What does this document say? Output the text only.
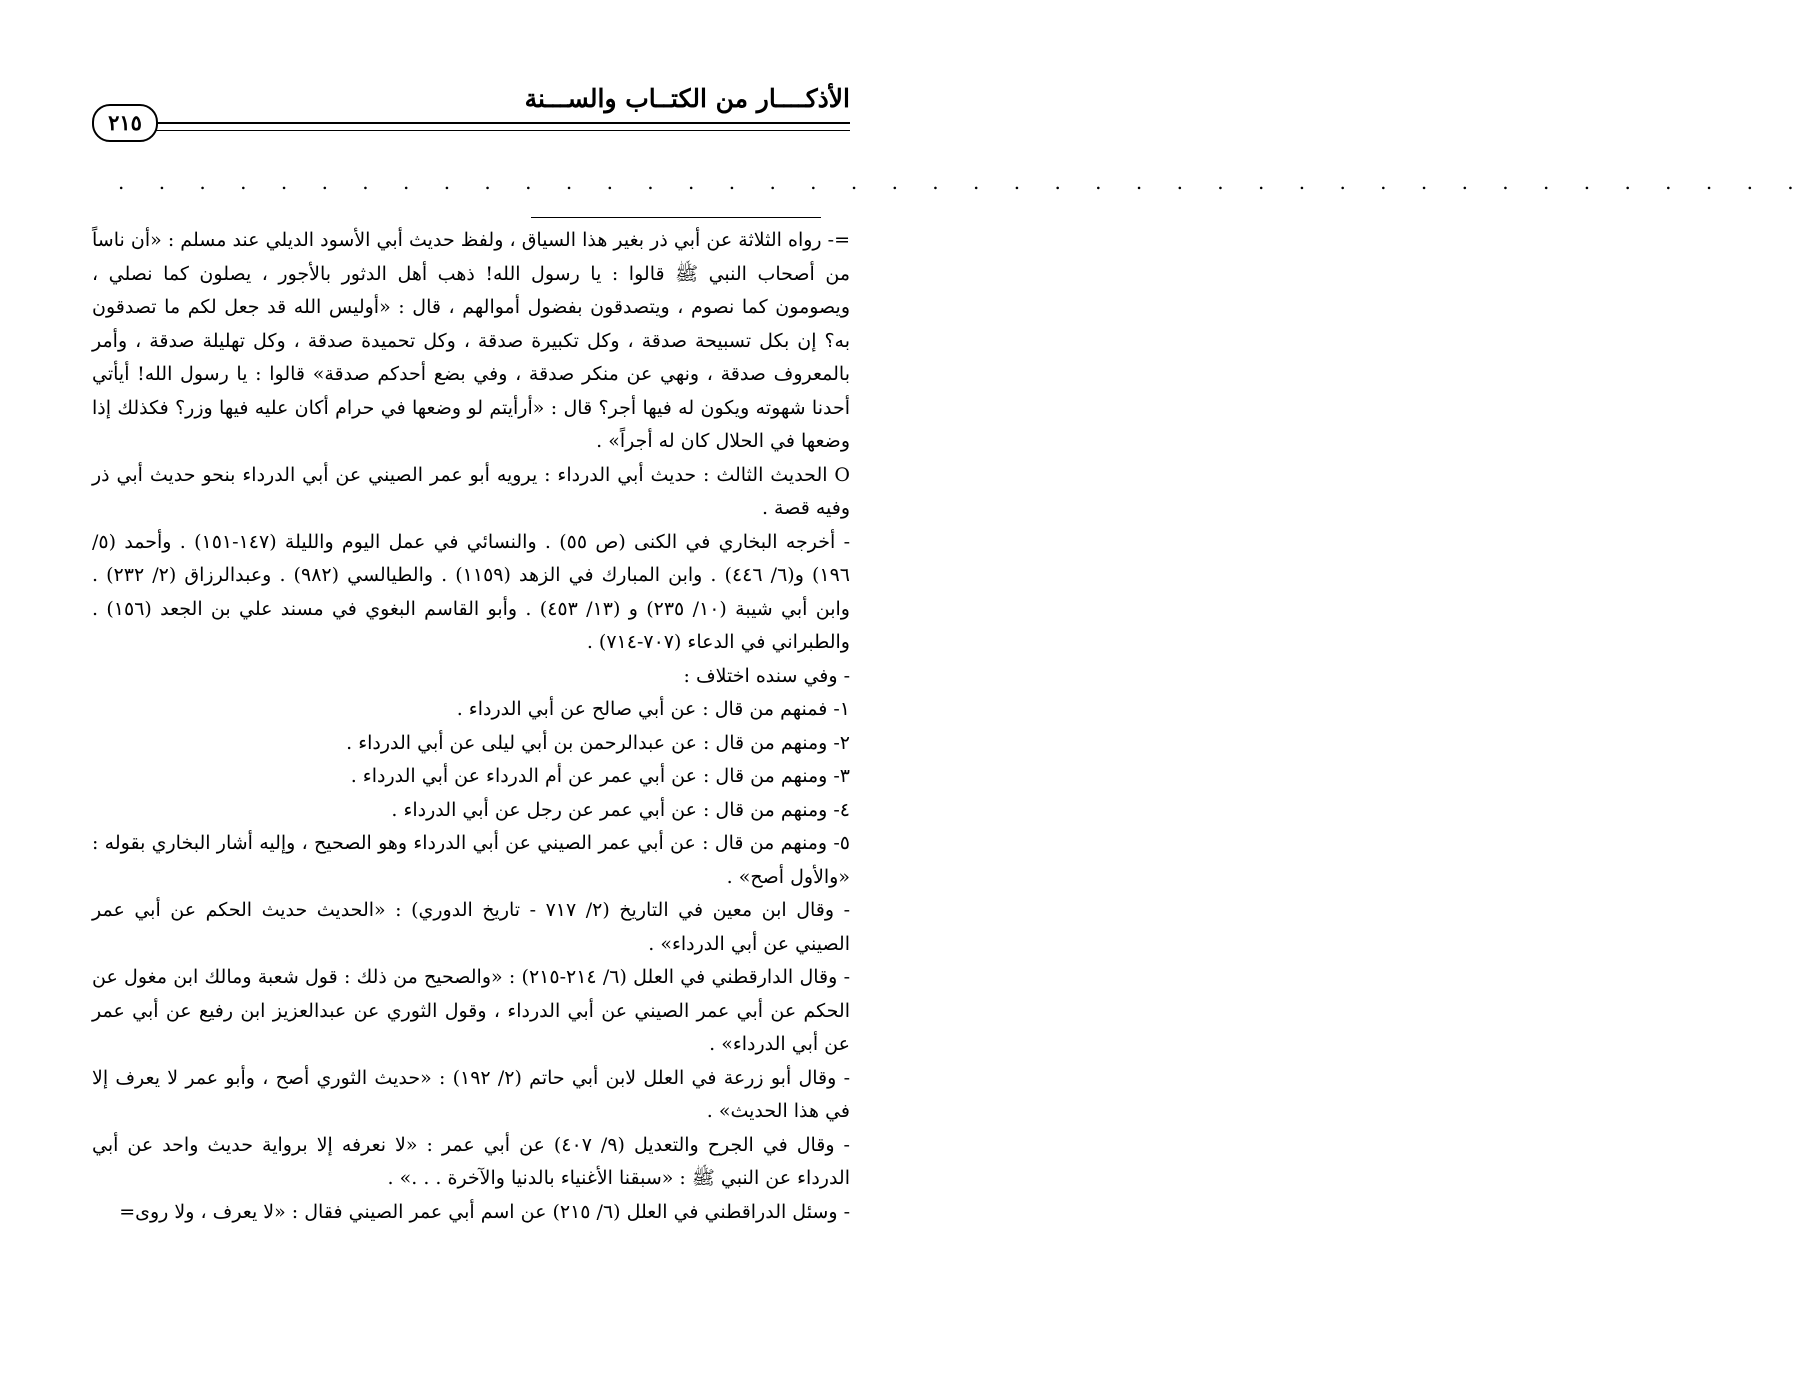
الأذكــــار من الكتــاب والســـنة
٢١٥
. . . . . . . . . . . . . . . . . . . . . . . . . . . . . . . . . . . . . . . . . .

=- رواه الثلاثة عن أبي ذر بغير هذا السياق ، ولفظ حديث أبي الأسود الديلي عند مسلم : «أن ناساً من أصحاب النبي ﷺ قالوا : يا رسول الله! ذهب أهل الدثور بالأجور ، يصلون كما نصلي ، ويصومون كما نصوم ، ويتصدقون بفضول أموالهم ، قال : «أوليس الله قد جعل لكم ما تصدقون به؟ إن بكل تسبيحة صدقة ، وكل تكبيرة صدقة ، وكل تحميدة صدقة ، وكل تهليلة صدقة ، وأمر بالمعروف صدقة ، ونهي عن منكر صدقة ، وفي بضع أحدكم صدقة» قالوا : يا رسول الله! أيأتي أحدنا شهوته ويكون له فيها أجر؟ قال : «أرأيتم لو وضعها في حرام أكان عليه فيها وزر؟ فكذلك إذا وضعها في الحلال كان له أجراً» .

O الحديث الثالث : حديث أبي الدرداء : يرويه أبو عمر الصيني عن أبي الدرداء بنحو حديث أبي ذر وفيه قصة .

- أخرجه البخاري في الكنى (ص ٥٥) . والنسائي في عمل اليوم والليلة (١٤٧-١٥١) . وأحمد (٥/ ١٩٦) و(٦/ ٤٤٦) . وابن المبارك في الزهد (١١٥٩) . والطيالسي (٩٨٢) . وعبدالرزاق (٢/ ٢٣٢) . وابن أبي شيبة (١٠/ ٢٣٥) و (١٣/ ٤٥٣) . وأبو القاسم البغوي في مسند علي بن الجعد (١٥٦) . والطبراني في الدعاء (٧٠٧-٧١٤) .

- وفي سنده اختلاف :

١- فمنهم من قال : عن أبي صالح عن أبي الدرداء .

٢- ومنهم من قال : عن عبدالرحمن بن أبي ليلى عن أبي الدرداء .

٣- ومنهم من قال : عن أبي عمر عن أم الدرداء عن أبي الدرداء .

٤- ومنهم من قال : عن أبي عمر عن رجل عن أبي الدرداء .

٥- ومنهم من قال : عن أبي عمر الصيني عن أبي الدرداء وهو الصحيح ، وإليه أشار البخاري بقوله : «والأول أصح» .

- وقال ابن معين في التاريخ (٢/ ٧١٧ - تاريخ الدوري) : «الحديث حديث الحكم عن أبي عمر الصيني عن أبي الدرداء» .

- وقال الدارقطني في العلل (٦/ ٢١٤-٢١٥) : «والصحيح من ذلك : قول شعبة ومالك ابن مغول عن الحكم عن أبي عمر الصيني عن أبي الدرداء ، وقول الثوري عن عبدالعزيز ابن رفيع عن أبي عمر عن أبي الدرداء» .

- وقال أبو زرعة في العلل لابن أبي حاتم (٢/ ١٩٢) : «حديث الثوري أصح ، وأبو عمر لا يعرف إلا في هذا الحديث» .

- وقال في الجرح والتعديل (٩/ ٤٠٧) عن أبي عمر : «لا نعرفه إلا برواية حديث واحد عن أبي الدرداء عن النبي ﷺ : «سبقنا الأغنياء بالدنيا والآخرة . . .» .

- وسئل الدراقطني في العلل (٦/ ٢١٥) عن اسم أبي عمر الصيني فقال : «لا يعرف ، ولا روى=
